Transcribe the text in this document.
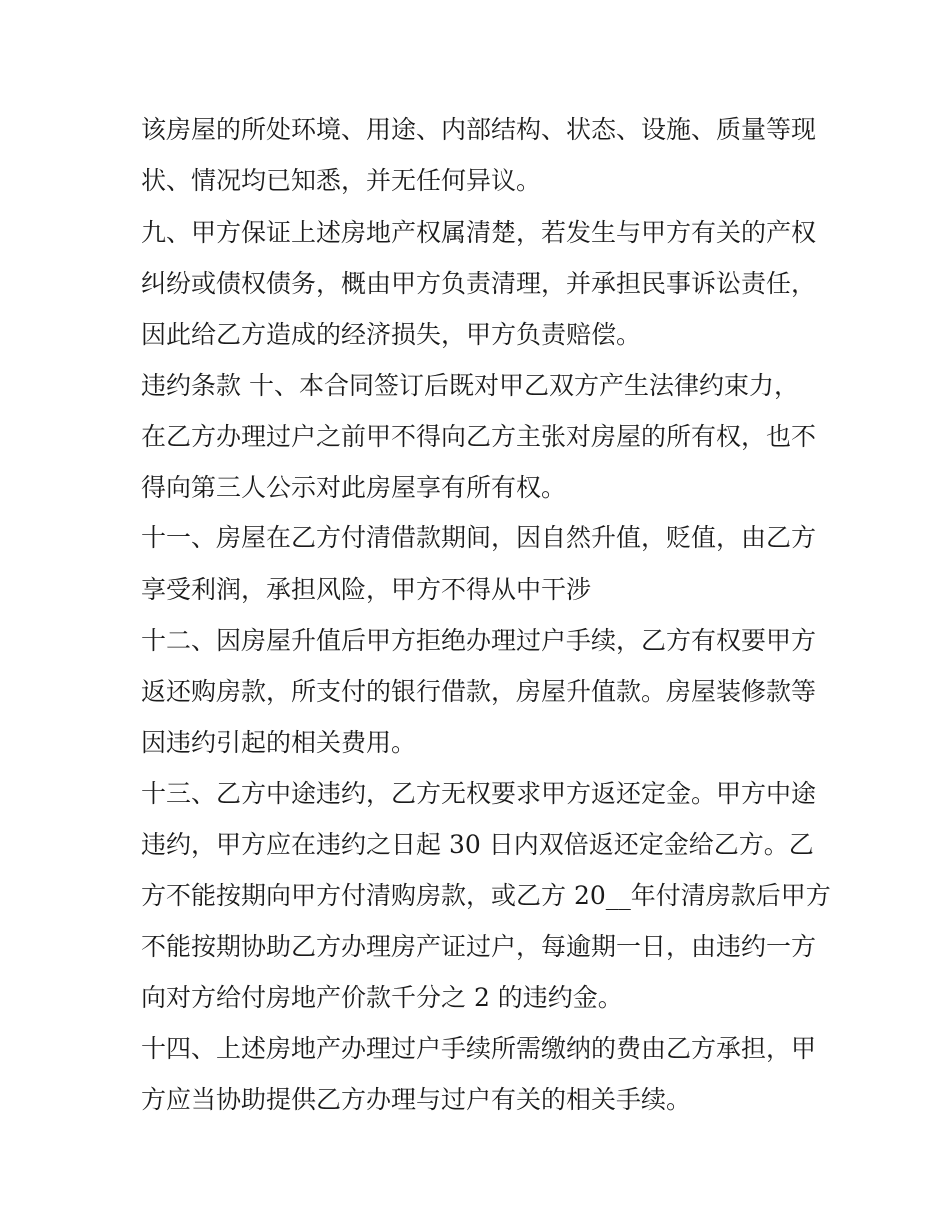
该房屋的所处环境、用途、内部结构、状态、设施、质量等现
状、情况均已知悉，并无任何异议。
九、甲方保证上述房地产权属清楚，若发生与甲方有关的产权
纠纷或债权债务，概由甲方负责清理，并承担民事诉讼责任，
因此给乙方造成的经济损失，甲方负责赔偿。
违约条款 十、本合同签订后既对甲乙双方产生法律约束力，
在乙方办理过户之前甲不得向乙方主张对房屋的所有权，也不
得向第三人公示对此房屋享有所有权。
十一、房屋在乙方付清借款期间，因自然升值，贬值，由乙方
享受利润，承担风险，甲方不得从中干涉
十二、因房屋升值后甲方拒绝办理过户手续，乙方有权要甲方
返还购房款，所支付的银行借款，房屋升值款。房屋装修款等
因违约引起的相关费用。
十三、乙方中途违约，乙方无权要求甲方返还定金。甲方中途
违约，甲方应在违约之日起 30 日内双倍返还定金给乙方。乙
方不能按期向甲方付清购房款，或乙方 20__年付清房款后甲方
不能按期协助乙方办理房产证过户，每逾期一日，由违约一方
向对方给付房地产价款千分之 2 的违约金。
十四、上述房地产办理过户手续所需缴纳的费由乙方承担，甲
方应当协助提供乙方办理与过户有关的相关手续。
